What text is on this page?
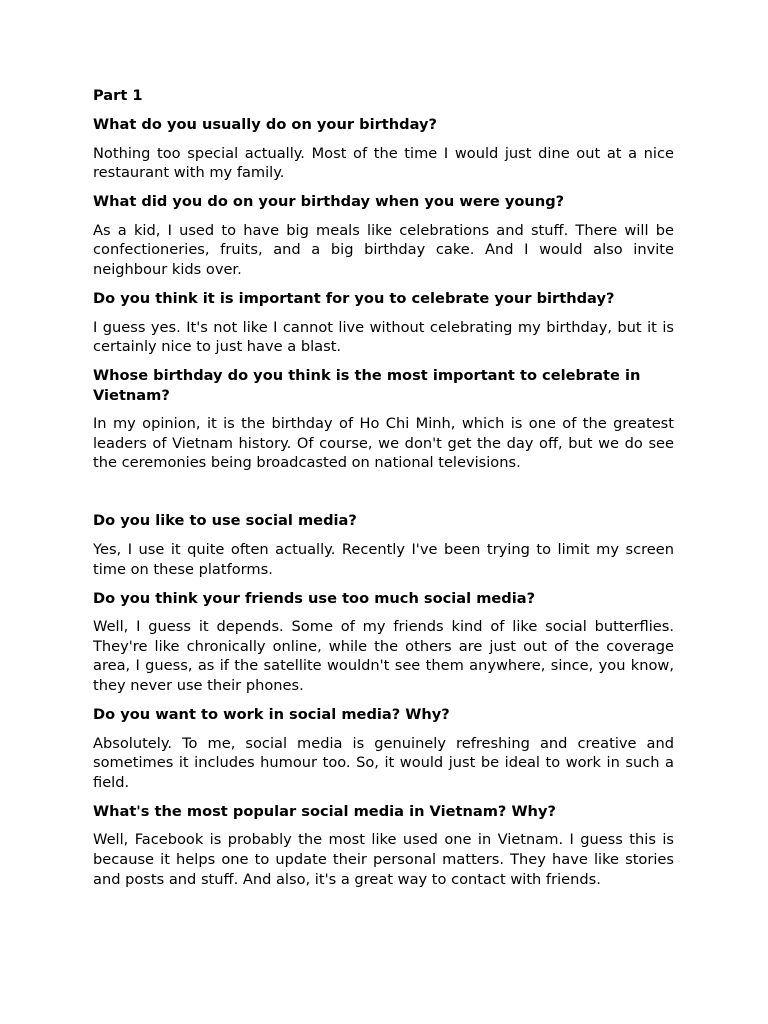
Part 1
What do you usually do on your birthday?
Nothing too special actually. Most of the time I would just dine out at a nice restaurant with my family.
What did you do on your birthday when you were young?
As a kid, I used to have big meals like celebrations and stuff. There will be confectioneries, fruits, and a big birthday cake. And I would also invite neighbour kids over.
Do you think it is important for you to celebrate your birthday?
I guess yes. It's not like I cannot live without celebrating my birthday, but it is certainly nice to just have a blast.
Whose birthday do you think is the most important to celebrate in Vietnam?
In my opinion, it is the birthday of Ho Chi Minh, which is one of the greatest leaders of Vietnam history. Of course, we don't get the day off, but we do see the ceremonies being broadcasted on national televisions.
Do you like to use social media?
Yes, I use it quite often actually. Recently I've been trying to limit my screen time on these platforms.
Do you think your friends use too much social media?
Well, I guess it depends. Some of my friends kind of like social butterflies. They're like chronically online, while the others are just out of the coverage area, I guess, as if the satellite wouldn't see them anywhere, since, you know, they never use their phones.
Do you want to work in social media? Why?
Absolutely. To me, social media is genuinely refreshing and creative and sometimes it includes humour too. So, it would just be ideal to work in such a field.
What's the most popular social media in Vietnam? Why?
Well, Facebook is probably the most like used one in Vietnam. I guess this is because it helps one to update their personal matters. They have like stories and posts and stuff. And also, it's a great way to contact with friends.
